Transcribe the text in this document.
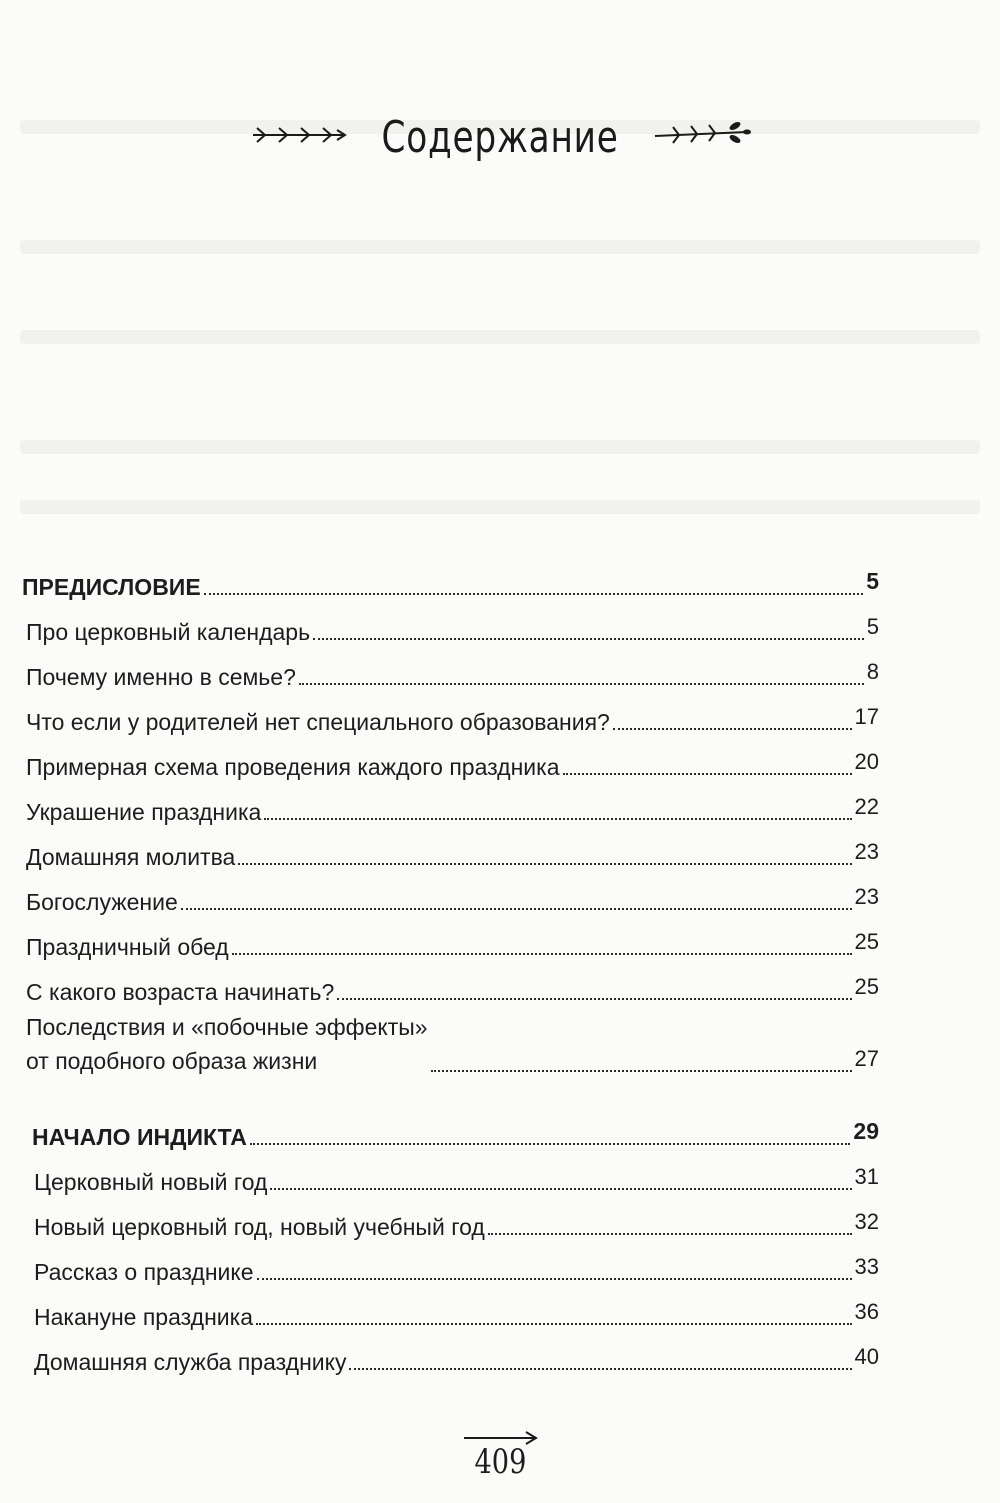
Содержание
ПРЕДИСЛОВИЕ	5
Про церковный календарь	5
Почему именно в семье?	8
Что если у родителей нет специального образования?	17
Примерная схема проведения каждого праздника	20
Украшение праздника	22
Домашняя молитва	23
Богослужение	23
Праздничный обед	25
С какого возраста начинать?	25
Последствия и «побочные эффекты»
от подобного образа жизни	27
НАЧАЛО ИНДИКТА	29
Церковный новый год	31
Новый церковный год, новый учебный год	32
Рассказ о празднике	33
Накануне праздника	36
Домашняя служба празднику	40
409
